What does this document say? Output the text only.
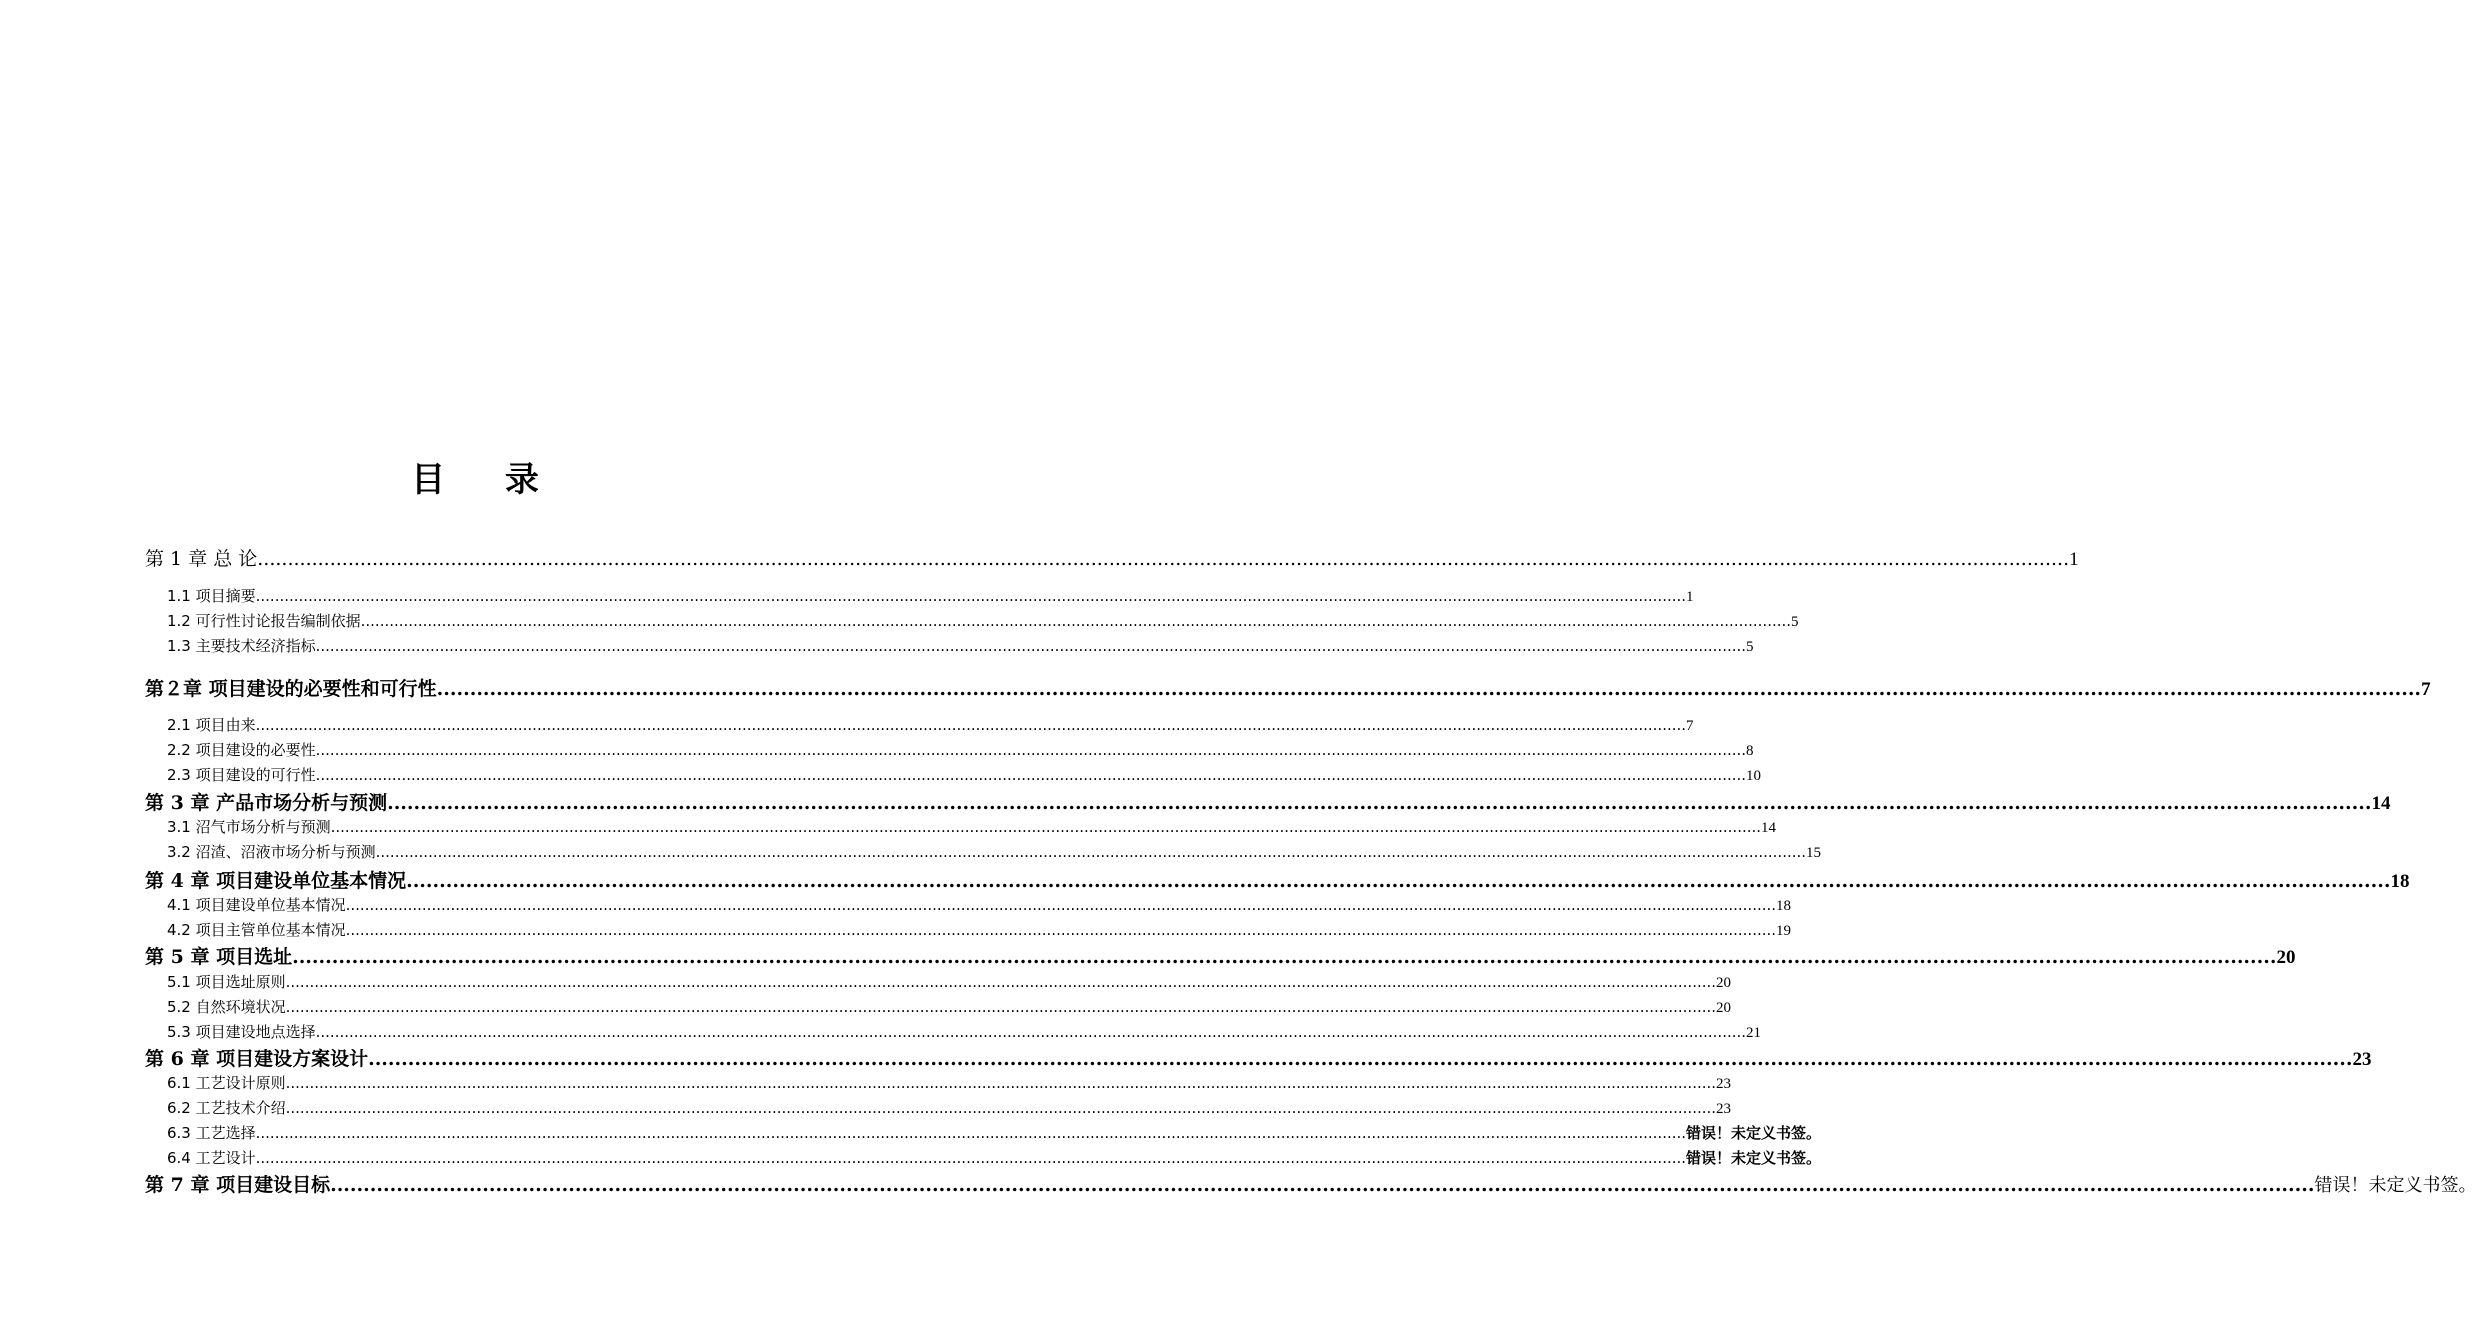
目 录
第 1 章 总 论 ............................................................................................................................................................................................................................................................................................................ 1
1.1 项目摘要 ............................................................................................................................................................................................................................................................................................................ 1
1.2 可行性讨论报告编制依据 ............................................................................................................................................................................................................................................................................................................ 5
1.3 主要技术经济指标 ............................................................................................................................................................................................................................................................................................................ 5
第２章 项目建设的必要性和可行性 ............................................................................................................................................................................................................................................................................................................ 7
2.1 项目由来 ............................................................................................................................................................................................................................................................................................................ 7
2.2 项目建设的必要性 ............................................................................................................................................................................................................................................................................................................ 8
2.3 项目建设的可行性 ............................................................................................................................................................................................................................................................................................................ 10
第 3 章 产品市场分析与预测 ............................................................................................................................................................................................................................................................................................................ 14
3.1 沼气市场分析与预测 ............................................................................................................................................................................................................................................................................................................ 14
3.2 沼渣、沼液市场分析与预测 ............................................................................................................................................................................................................................................................................................................ 15
第 4 章 项目建设单位基本情况 ............................................................................................................................................................................................................................................................................................................ 18
4.1 项目建设单位基本情况 ............................................................................................................................................................................................................................................................................................................ 18
4.2 项目主管单位基本情况 ............................................................................................................................................................................................................................................................................................................ 19
第 5 章 项目选址 ............................................................................................................................................................................................................................................................................................................ 20
5.1 项目选址原则 ............................................................................................................................................................................................................................................................................................................ 20
5.2 自然环境状况 ............................................................................................................................................................................................................................................................................................................ 20
5.3 项目建设地点选择 ............................................................................................................................................................................................................................................................................................................ 21
第 6 章 项目建设方案设计 ............................................................................................................................................................................................................................................................................................................ 23
6.1 工艺设计原则 ............................................................................................................................................................................................................................................................................................................ 23
6.2 工艺技术介绍 ............................................................................................................................................................................................................................................................................................................ 23
6.3 工艺选择 ............................................................................................................................................................................................................................................................................................................ 错误！未定义书签。
6.4 工艺设计 ............................................................................................................................................................................................................................................................................................................ 错误！未定义书签。
第 7 章 项目建设目标 ............................................................................................................................................................................................................................................................................................................ 错误！未定义书签。
